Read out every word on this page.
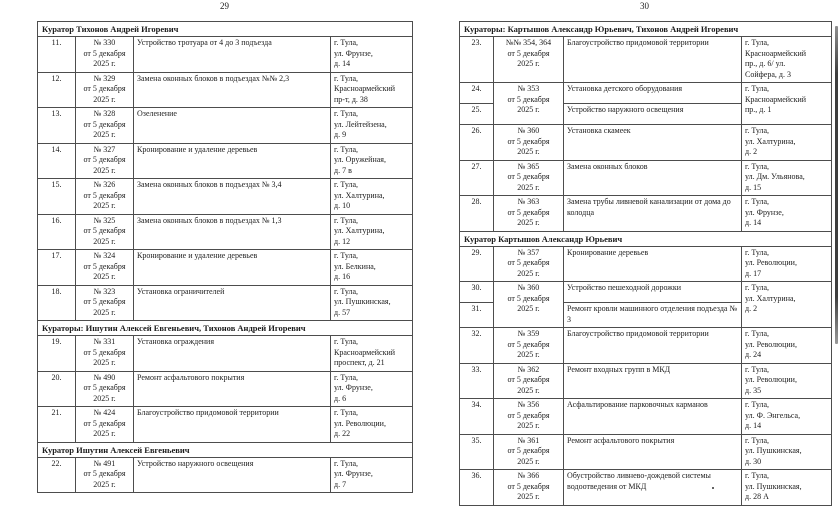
29	30
Куратор Тихонов Андрей Игоревич			
11.	№ 330
от 5 декабря
2025 г.	Устройство тротуара от 4 до 3 подъезда	г. Тула,
ул. Фрунзе,
д. 14
12.	№ 329
от 5 декабря
2025 г.	Замена оконных блоков в подъездах №№ 2,3	г. Тула,
Красноармейский
пр-т, д. 38
13.	№ 328
от 5 декабря
2025 г.	Озеленение	г. Тула,
ул. Лейтейзена,
д. 9
14.	№ 327
от 5 декабря
2025 г.	Кронирование и удаление деревьев	г. Тула,
ул. Оружейная,
д. 7 в
15.	№ 326
от 5 декабря
2025 г.	Замена оконных блоков в подъездах № 3,4	г. Тула,
ул. Халтурина,
д. 10
16.	№ 325
от 5 декабря
2025 г.	Замена оконных блоков в подъездах № 1,3	г. Тула,
ул. Халтурина,
д. 12
17.	№ 324
от 5 декабря
2025 г.	Кронирование и удаление деревьев	г. Тула,
ул. Белкина,
д. 16
18.	№ 323
от 5 декабря
2025 г.	Установка ограничителей	г. Тула,
ул. Пушкинская,
д. 57
Кураторы: Ишутин Алексей Евгеньевич, Тихонов Андрей Игоревич			
19.	№ 331
от 5 декабря
2025 г.	Установка ограждения	г. Тула,
Красноармейский
проспект, д. 21
20.	№ 490
от 5 декабря
2025 г.	Ремонт асфальтового покрытия	г. Тула,
ул. Фрунзе,
д. 6
21.	№ 424
от 5 декабря
2025 г.	Благоустройство придомовой территории	г. Тула,
ул. Революции,
д. 22
Куратор Ишутин Алексей Евгеньевич			
22.	№ 491
от 5 декабря
2025 г.	Устройство наружного освещения	г. Тула,
ул. Фрунзе,
д. 7
Кураторы: Картышов Александр Юрьевич, Тихонов Андрей Игоревич			
23.	№№ 354, 364
от 5 декабря
2025 г.	Благоустройство придомовой территории	г. Тула,
Красноармейский
пр., д. 6/ ул.
Сойфера, д. 3
24.	№ 353
от 5 декабря
2025 г.	Установка детского оборудования	г. Тула,
Красноармейский
пр., д. 1
25.		Устройство наружного освещения	
26.	№ 360
от 5 декабря
2025 г.	Установка скамеек	г. Тула,
ул. Халтурина,
д. 2
27.	№ 365
от 5 декабря
2025 г.	Замена оконных блоков	г. Тула,
ул. Дм. Ульянова,
д. 15
28.	№ 363
от 5 декабря
2025 г.	Замена трубы ливневой канализации от дома до колодца	г. Тула,
ул. Фрунзе,
д. 14
Куратор Картышов Александр Юрьевич			
29.	№ 357
от 5 декабря
2025 г.	Кронирование деревьев	г. Тула,
ул. Революции,
д. 17
30.	№ 360
от 5 декабря
2025 г.	Устройство пешеходной дорожки	г. Тула,
ул. Халтурина,
д. 2
31.		Ремонт кровли машинного отделения подъезда № 3	
32.	№ 359
от 5 декабря
2025 г.	Благоустройство придомовой территории	г. Тула,
ул. Революции,
д. 24
33.	№ 362
от 5 декабря
2025 г.	Ремонт входных групп в МКД	г. Тула,
ул. Революции,
д. 35
34.	№ 356
от 5 декабря
2025 г.	Асфальтирование парковочных карманов	г. Тула,
ул. Ф. Энгельса,
д. 14
35.	№ 361
от 5 декабря
2025 г.	Ремонт асфальтового покрытия	г. Тула,
ул. Пушкинская,
д. 30
36.	№ 366
от 5 декабря
2025 г.	Обустройство ливнево-дождевой системы водоотведения от МКД	г. Тула,
ул. Пушкинская,
д. 28 А
